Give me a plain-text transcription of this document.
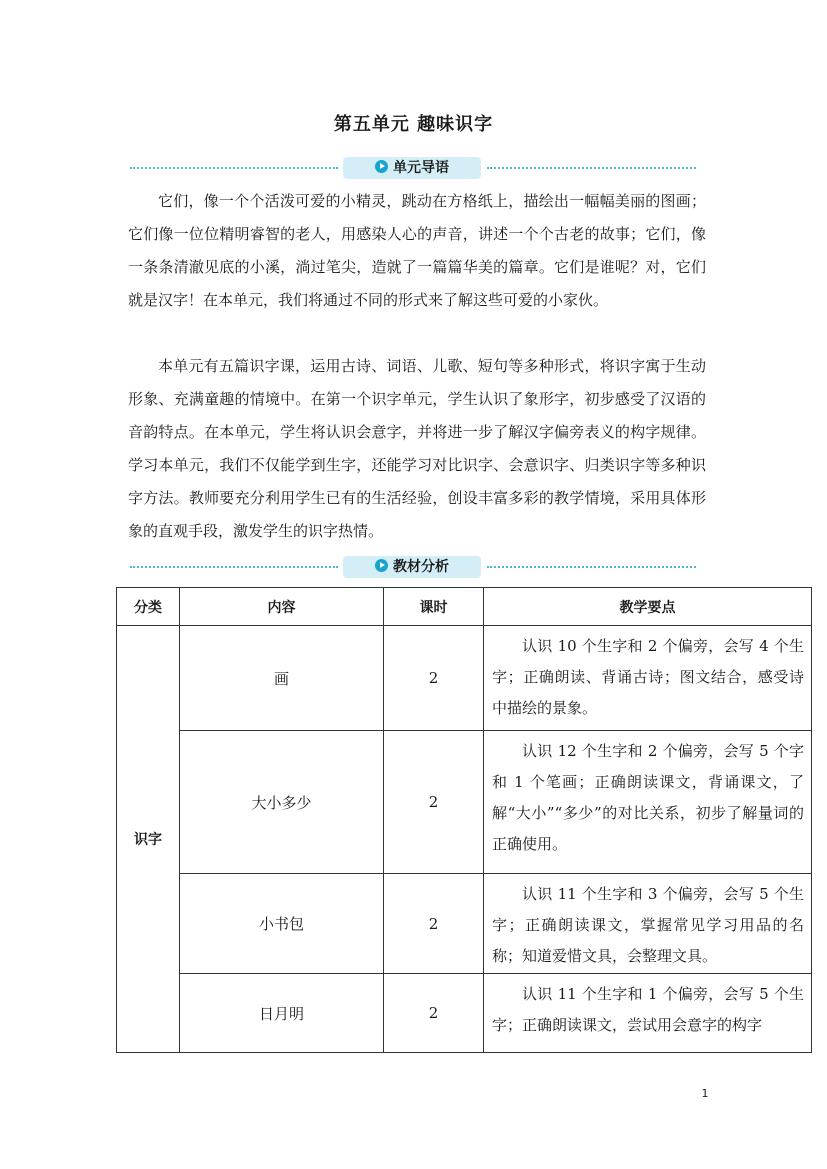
第五单元 趣味识字
单元导语

它们，像一个个活泼可爱的小精灵，跳动在方格纸上，描绘出一幅幅美丽的图画；它们像一位位精明睿智的老人，用感染人心的声音，讲述一个个古老的故事；它们，像一条条清澈见底的小溪，淌过笔尖，造就了一篇篇华美的篇章。它们是谁呢？对，它们就是汉字！在本单元，我们将通过不同的形式来了解这些可爱的小家伙。

本单元有五篇识字课，运用古诗、词语、儿歌、短句等多种形式，将识字寓于生动形象、充满童趣的情境中。在第一个识字单元，学生认识了象形字，初步感受了汉语的音韵特点。在本单元，学生将认识会意字，并将进一步了解汉字偏旁表义的构字规律。学习本单元，我们不仅能学到生字，还能学习对比识字、会意识字、归类识字等多种识字方法。教师要充分利用学生已有的生活经验，创设丰富多彩的教学情境，采用具体形象的直观手段，激发学生的识字热情。

教材分析
分类	内容	课时	教学要点
识字	画	2	认识 10 个生字和 2 个偏旁，会写 4 个生字；正确朗读、背诵古诗；图文结合，感受诗中描绘的景象。

	大小多少	2	认识 12 个生字和 2 个偏旁，会写 5 个字和 1 个笔画；正确朗读课文，背诵课文，了解“大小”“多少”的对比关系，初步了解量词的正确使用。

	小书包	2	认识 11 个生字和 3 个偏旁，会写 5 个生字；正确朗读课文，掌握常见学习用品的名称；知道爱惜文具，会整理文具。

	日月明	2	认识 11 个生字和 1 个偏旁，会写 5 个生字；正确朗读课文，尝试用会意字的构字

1
